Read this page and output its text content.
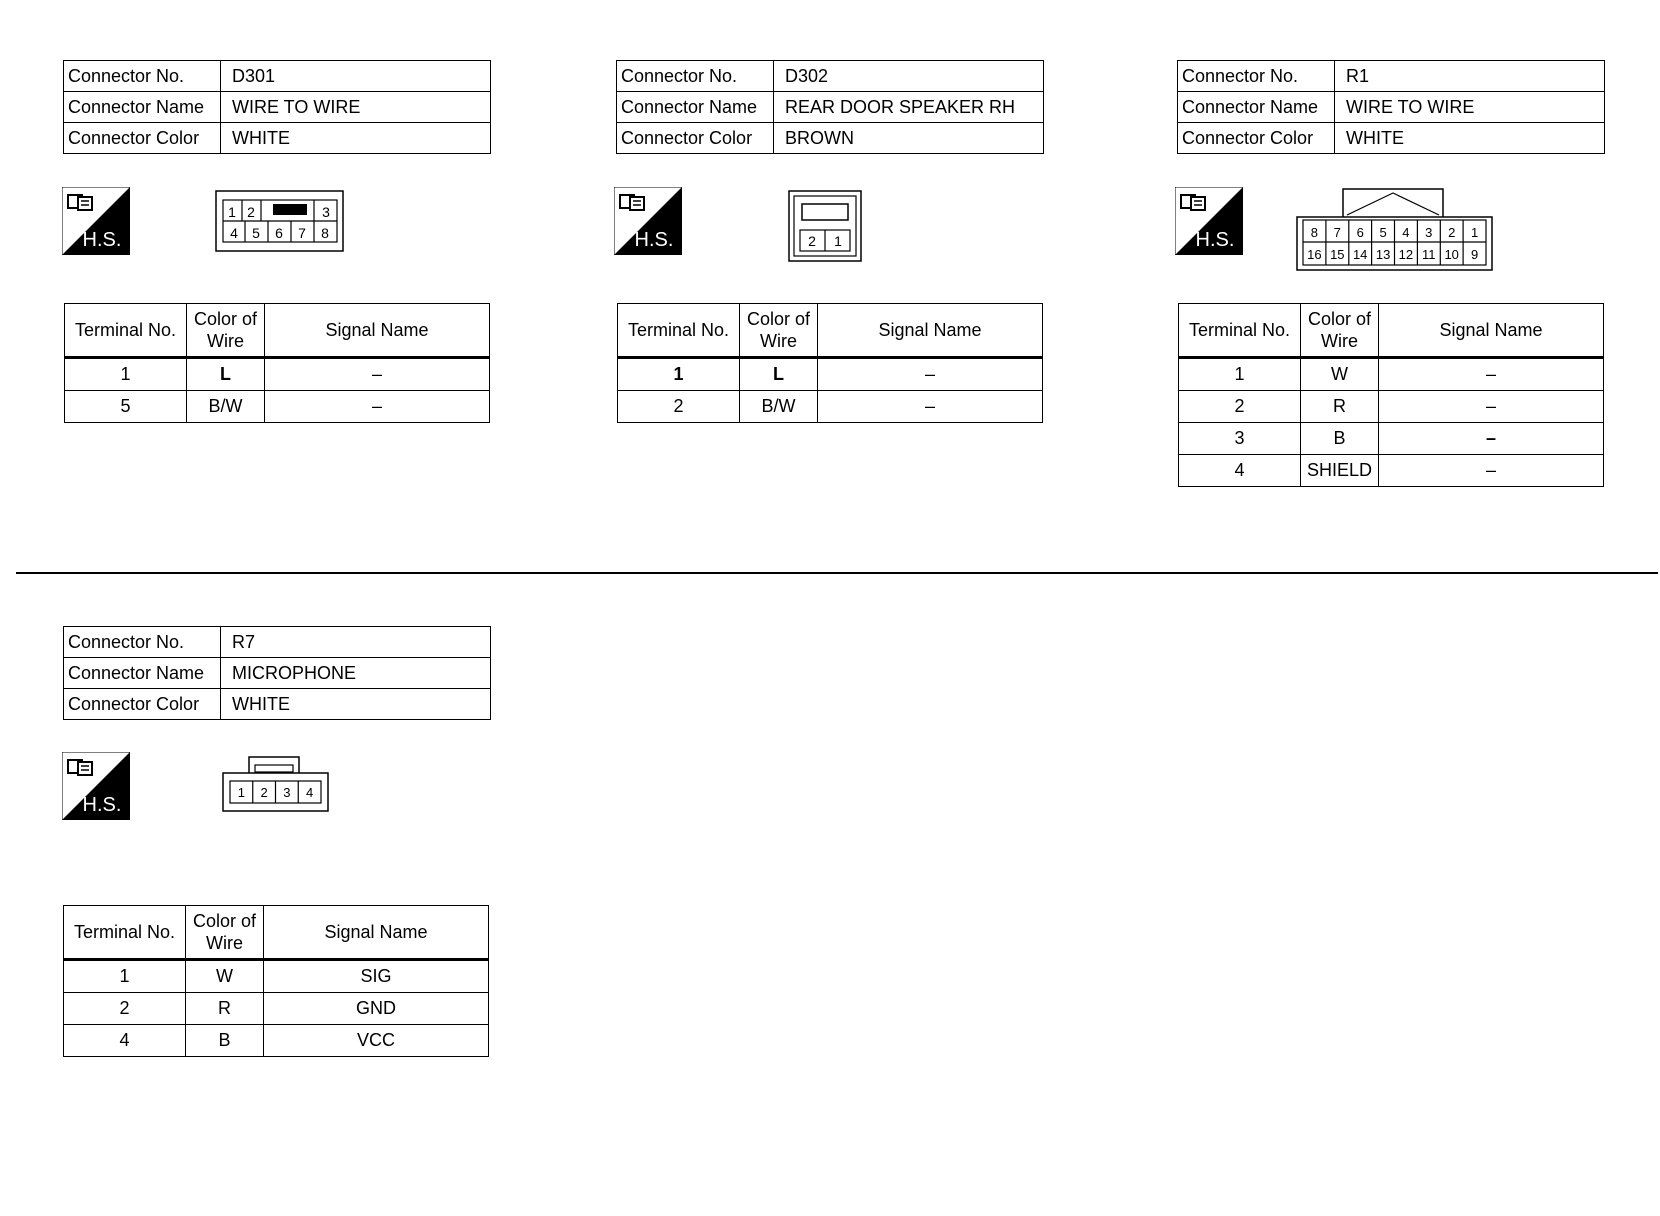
Connector No.	D301
Connector Name	WIRE TO WIRE
Connector Color	WHITE
H.S.
1 2	3
4 5 6 7 8
Terminal No.	Color of Wire	Signal Name
1	L	–
5	B/W	–
Connector No.	D302
Connector Name	REAR DOOR SPEAKER RH
Connector Color	BROWN
H.S.	2 1
Terminal No.	Color of Wire	Signal Name
1	L	–
2	B/W	–
Connector No.	R1
Connector Name	WIRE TO WIRE
Connector Color	WHITE
H.S.	8 7 6 5 4 3 2 1
16 15 14 13 12 11 10 9
Terminal No.	Color of Wire	Signal Name
1	W	–
2	R	–
3	B	–
4	SHIELD	–
Connector No.	R7
Connector Name	MICROPHONE
Connector Color	WHITE
H.S.
1 2 3 4
Terminal No.	Color of Wire	Signal Name
1	W	SIG
2	R	GND
4	B	VCC
